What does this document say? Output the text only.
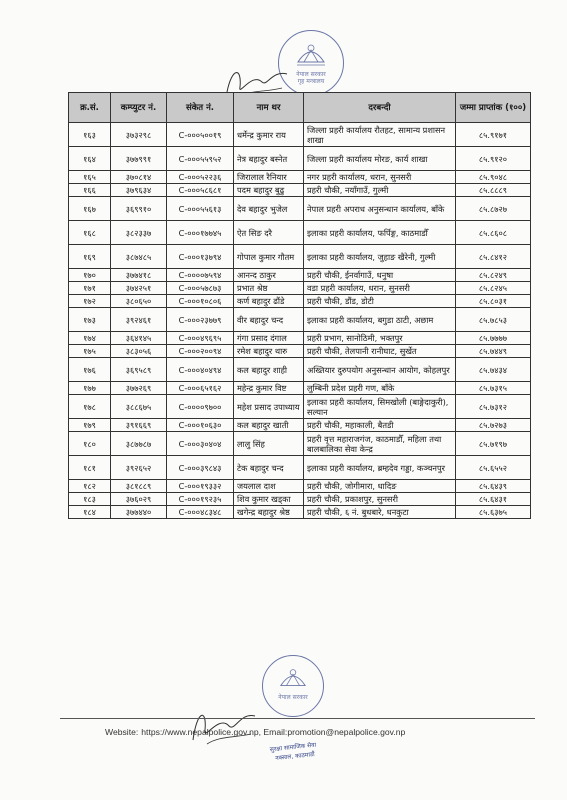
नेपाल सरकार
गृह मन्त्रालय
क्र.सं.	कम्प्युटर नं.	संकेत नं.	नाम थर	दरबन्दी	जम्मा प्राप्तांक (१००)
१६३	३७३२९८	C-०००५००१९	धर्मेन्द्र कुमार राय	जिल्ला प्रहरी कार्यालय रौतहट, सामान्य प्रशासन शाखा	८५.९१७१
१६४	३७७९९१	C-०००५५९५२	नेत्र बहादुर बस्नेत	जिल्ला प्रहरी कार्यालय मोरङ, कार्य शाखा	८५.९१२०
१६५	३७०८१४	C-०००५२२३६	जिरालाल रैनियार	नगर प्रहरी कार्यालय, धरान, सुनसरी	८५.९०४८
१६६	३७९६३४	C-०००५८६८१	पदम बहादुर बुढु	प्रहरी चौकी, नयाँगाउँ, गुल्मी	८५.८८८९
१६७	३६९९१०	C-०००५५६१३	देव बहादुर भुजेल	नेपाल प्रहरी अपराध अनुसन्धान कार्यालय, बाँके	८५.८७२७
१६८	३८२३३७	C-०००१७७४५	ऐत सिङ दरै	इलाका प्रहरी कार्यालय, फर्पिङ्ग, काठमाडौँ	८५.८६०८
१६९	३८७४८५	C-०००१३७९४	गोपाल कुमार गौतम	इलाका प्रहरी कार्यालय, जुहाङ खैरेनी, गुल्मी	८५.८४१२
१७०	३७७४१८	C-००००७५९४	आनन्द ठाकुर	प्रहरी चौकी, ईनर्वागाउँ, धनुषा	८५.८२४९
१७१	३७४२५१	C-०००५७८७३	प्रभात श्रेष्ठ	वडा प्रहरी कार्यालय, धरान, सुनसरी	८५.८२४५
१७२	३८०६५०	C-०००१०८०६	कर्ण बहादुर ढौंडे	प्रहरी चौकी, डौंड, डोटी	८५.८०३१
१७३	३९२४६१	C-०००२३७७९	वीर बहादुर चन्द	इलाका प्रहरी कार्यालय, बगुडा ठाटी, अछाम	८५.७८५३
१७४	३६४१४५	C-०००४९६९५	गंगा प्रसाद दंगाल	प्रहरी प्रभाग, सानोठिमी, भक्तपुर	८५.७७७७
१७५	३८३०५६	C-०००२००९४	रमेश बहादुर थारु	प्रहरी चौकी, तेलपानी रानीघाट, सुर्खेत	८५.७४४९
१७६	३६९५८९	C-०००४०४९४	कल बहादुर शाही	अख्तियार दुरुपयोग अनुसन्धान आयोग, कोहलपुर	८५.७४३४
१७७	३७७२६९	C-०००६५१६२	महेन्द्र कुमार विष्ट	लुम्बिनी प्रदेश प्रहरी गण, बाँके	८५.७३१५
१७८	३८८६७५	C-००००९७००	महेश प्रसाद उपाध्याय	इलाका प्रहरी कार्यालय, सिमखोली (बाङ्गेदाकुरी), सल्यान	८५.७३१२
१७९	३९१६६९	C-०००१०६३०	कल बहादुर खाती	प्रहरी चौकी, महाकाली, बैतडी	८५.७२७३
१८०	३८७७८७	C-०००३०४०४	लालु सिंह	प्रहरी वृत्त महाराजगंज, काठमाडौँ, महिला तथा बालबालिका सेवा केन्द्र	८५.७१९७
१८१	३९२६५२	C-०००३९८४३	टेक बहादुर चन्द	इलाका प्रहरी कार्यालय, ब्रम्हदेव गड्डा, कञ्चनपुर	८५.६५५२
१८२	३८१८८९	C-०००१९३३२	जयलाल दाश	प्रहरी चौकी, जोगीमारा, धादिङ	८५.६४३९
१८३	३७६०२९	C-०००१९२३५	शिव कुमार खड्का	प्रहरी चौकी, प्रकाशपुर, सुनसरी	८५.६४३१
१८४	३७७४४०	C-०००४८३४८	खगेन्द्र बहादुर श्रेष्ठ	प्रहरी चौकी, ६ नं. बुधबारे, धनकुटा	८५.६३७५
नेपाल सरकार
सुरक्षा सामाजिक सेवा
नक्साल, काठमाडौं
Website: https://www.nepalpolice.gov.np, Email:promotion@nepalpolice.gov.np
